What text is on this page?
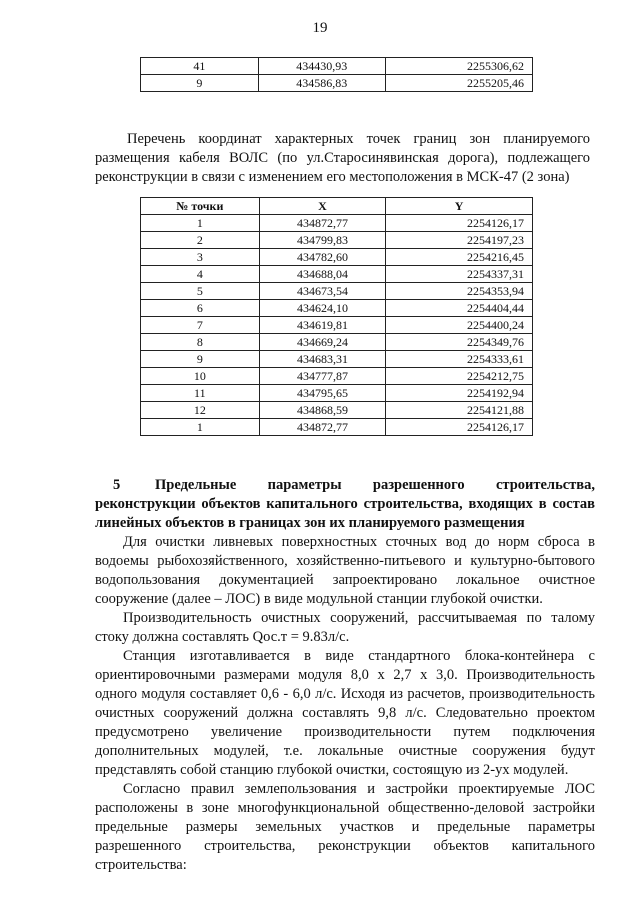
19
41	434430,93	2255306,62
9	434586,83	2255205,46
Перечень координат характерных точек границ зон планируемого размещения кабеля ВОЛС (по ул.Старосинявинская дорога), подлежащего реконструкции в связи с изменением его местоположения в МСК-47 (2 зона)
№ точки	X	Y
1	434872,77	2254126,17
2	434799,83	2254197,23
3	434782,60	2254216,45
4	434688,04	2254337,31
5	434673,54	2254353,94
6	434624,10	2254404,44
7	434619,81	2254400,24
8	434669,24	2254349,76
9	434683,31	2254333,61
10	434777,87	2254212,75
11	434795,65	2254192,94
12	434868,59	2254121,88
1	434872,77	2254126,17
5 Предельные параметры разрешенного строительства, реконструкции объектов капитального строительства, входящих в состав линейных объектов в границах зон их планируемого размещения

Для очистки ливневых поверхностных сточных вод до норм сброса в водоемы рыбохозяйственного, хозяйственно-питьевого и культурно-бытового водопользования документацией запроектировано локальное очистное сооружение (далее – ЛОС) в виде модульной станции глубокой очистки.

Производительность очистных сооружений, рассчитываемая по талому стоку должна составлять Qос.т = 9.83л/с.

Станция изготавливается в виде стандартного блока-контейнера с ориентировочными размерами модуля 8,0 х 2,7 х 3,0. Производительность одного модуля составляет 0,6 - 6,0 л/с. Исходя из расчетов, производительность очистных сооружений должна составлять 9,8 л/с. Следовательно проектом предусмотрено увеличение производительности путем подключения дополнительных модулей, т.е. локальные очистные сооружения будут представлять собой станцию глубокой очистки, состоящую из 2-ух модулей.

Согласно правил землепользования и застройки проектируемые ЛОС расположены в зоне многофункциональной общественно-деловой застройки предельные размеры земельных участков и предельные параметры разрешенного строительства, реконструкции объектов капитального строительства:
